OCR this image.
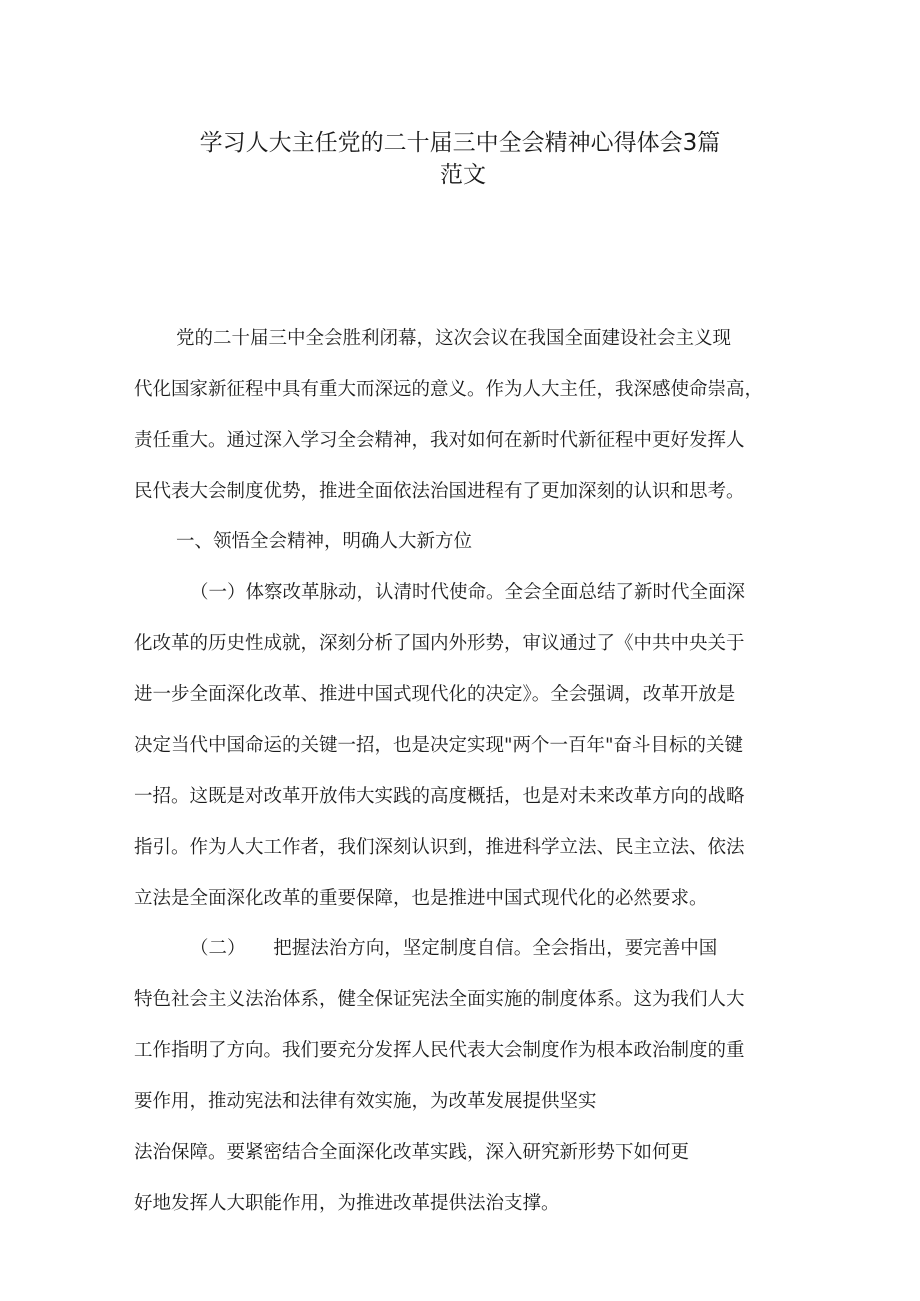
学习人大主任党的二十届三中全会精神心得体会3篇
范文
党的二十届三中全会胜利闭幕，这次会议在我国全面建设社会主义现
代化国家新征程中具有重大而深远的意义。作为人大主任，我深感使命崇高，
责任重大。通过深入学习全会精神，我对如何在新时代新征程中更好发挥人
民代表大会制度优势，推进全面依法治国进程有了更加深刻的认识和思考。
一、领悟全会精神，明确人大新方位
（一）体察改革脉动，认清时代使命。全会全面总结了新时代全面深
化改革的历史性成就，深刻分析了国内外形势，审议通过了《中共中央关于
进一步全面深化改革、推进中国式现代化的决定》。全会强调，改革开放是
决定当代中国命运的关键一招，也是决定实现"两个一百年"奋斗目标的关键
一招。这既是对改革开放伟大实践的高度概括，也是对未来改革方向的战略
指引。作为人大工作者，我们深刻认识到，推进科学立法、民主立法、依法
立法是全面深化改革的重要保障，也是推进中国式现代化的必然要求。
（二）　　把握法治方向，坚定制度自信。全会指出，要完善中国
特色社会主义法治体系，健全保证宪法全面实施的制度体系。这为我们人大
工作指明了方向。我们要充分发挥人民代表大会制度作为根本政治制度的重
要作用，推动宪法和法律有效实施，为改革发展提供坚实
法治保障。要紧密结合全面深化改革实践，深入研究新形势下如何更
好地发挥人大职能作用，为推进改革提供法治支撑。
